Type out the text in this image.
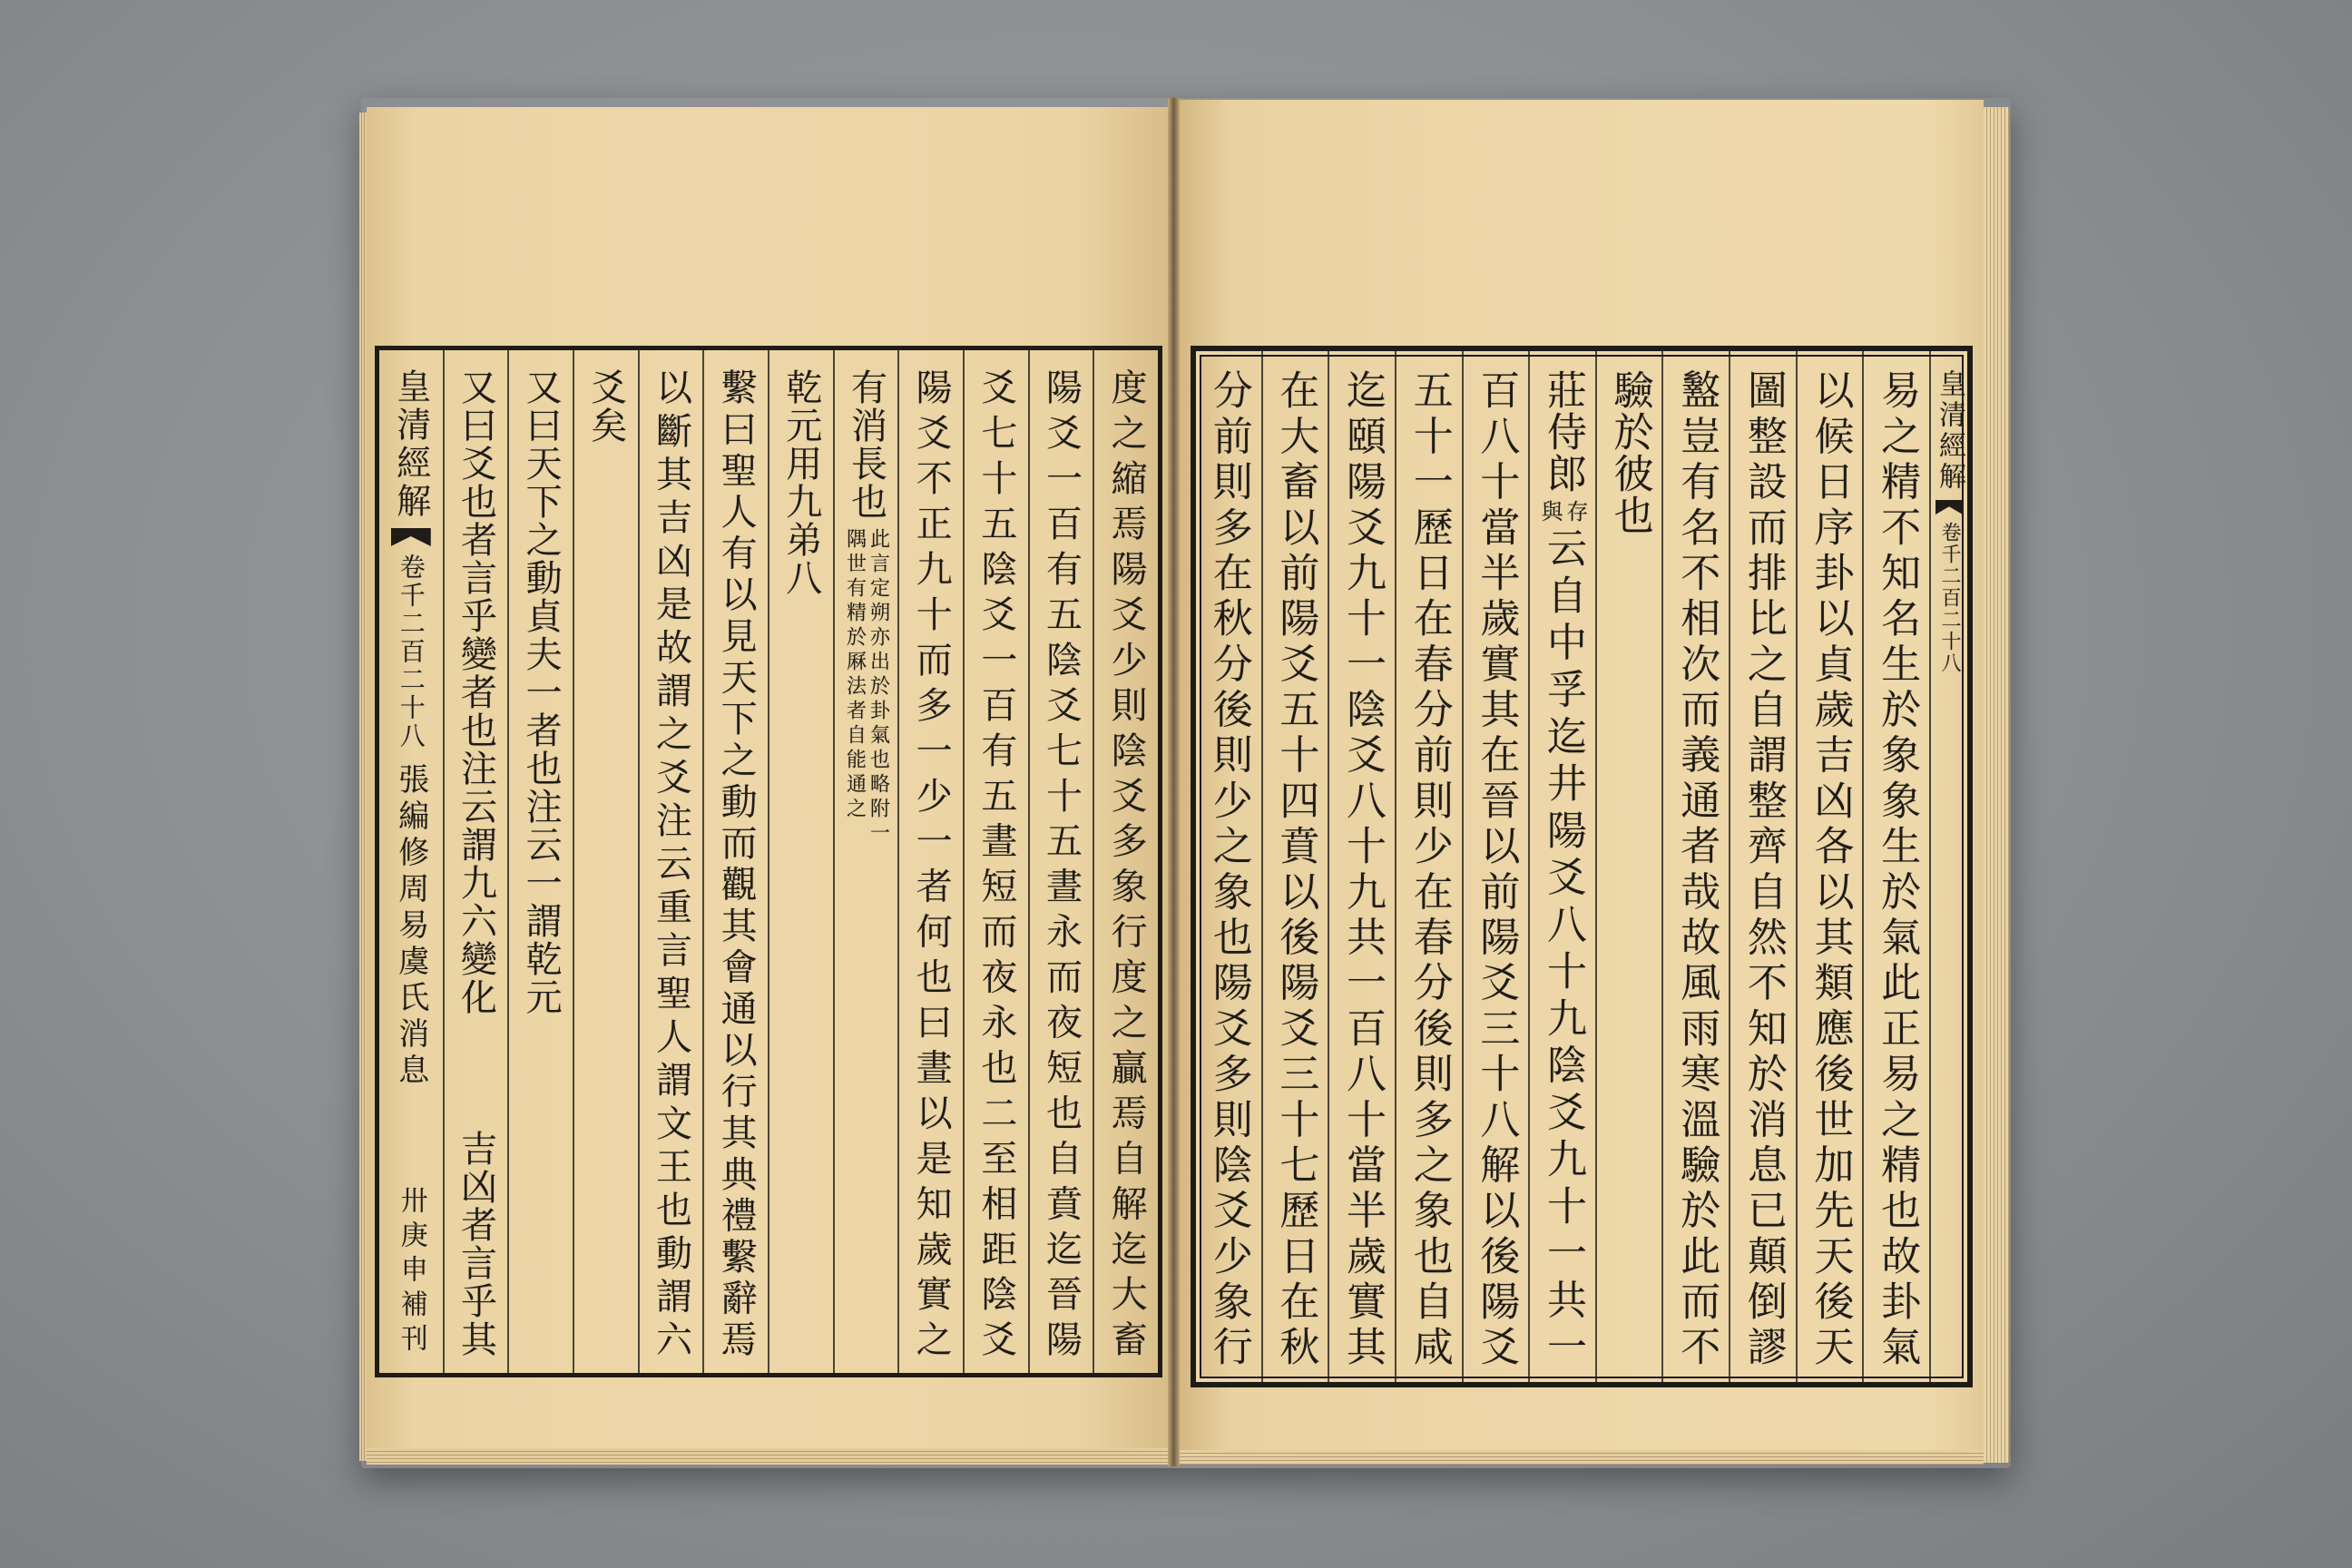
度之縮焉陽爻少則陰爻多象行度之贏焉自解迄大畜
陽爻一百有五陰爻七十五晝永而夜短也自賁迄晉陽
爻七十五陰爻一百有五晝短而夜永也二至相距陰爻
陽爻不正九十而多一少一者何也曰晝以是知歲實之
有消長也
此言定朔亦出於卦氣也略附一
隅世有精於厤法者自能通之
乾元用九弟八
繫曰聖人有以見天下之動而觀其會通以行其典禮繫辭焉
以斷其吉凶是故謂之爻注云重言聖人謂文王也動謂六
爻矣
又曰天下之動貞夫一者也注云一謂乾元
又曰爻也者言乎變者也注云謂九六變化
吉凶者言乎其
皇清經解
卷千二百二十八
張編修周易虞氏消息
卅
庚申補刊
皇清經解
卷千二百二十八
易之精不知名生於象象生於氣此正易之精也故卦氣
以候日序卦以貞歲吉凶各以其類應後世加先天後天
圖整設而排比之自謂整齊自然不知於消息已顛倒謬
盭豈有名不相次而義通者哉故風雨寒溫驗於此而不
驗於彼也
莊侍郎
存
與
云自中孚迄井陽爻八十九陰爻九十一共一
百八十當半歲實其在晉以前陽爻三十八解以後陽爻
五十一歷日在春分前則少在春分後則多之象也自咸
迄頤陽爻九十一陰爻八十九共一百八十當半歲實其
在大畜以前陽爻五十四賁以後陽爻三十七歷日在秋
分前則多在秋分後則少之象也陽爻多則陰爻少象行
